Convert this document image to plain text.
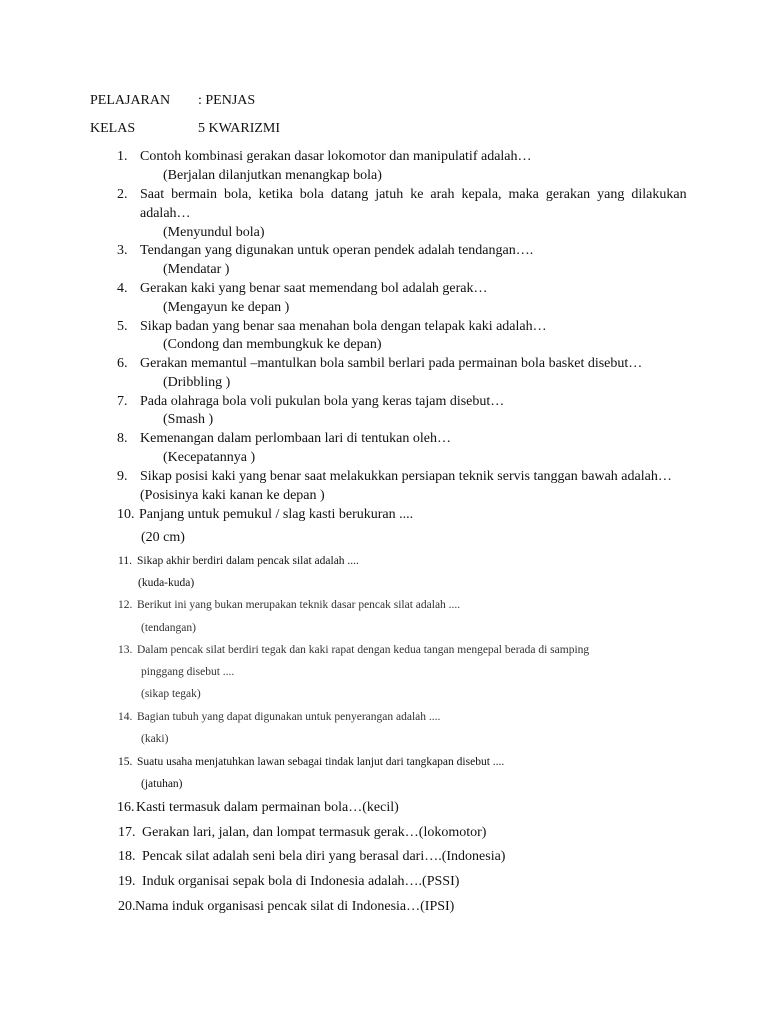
PELAJARAN : PENJAS
KELAS	5 KWARIZMI
1. Contoh kombinasi gerakan dasar lokomotor dan manipulatif adalah…
(Berjalan dilanjutkan menangkap bola)
2. Saat  bermain  bola,  ketika  bola  datang  jatuh  ke  arah  kepala,  maka  gerakan  yang  dilakukan
adalah…
(Menyundul bola)
3. Tendangan yang digunakan untuk operan pendek adalah tendangan….
(Mendatar )
4. Gerakan kaki yang benar saat memendang bol adalah gerak…
(Mengayun ke depan )
5. Sikap badan yang benar saa menahan bola dengan telapak kaki adalah…
(Condong dan membungkuk ke depan)
6. Gerakan memantul –mantulkan bola sambil berlari pada permainan bola basket disebut…
(Dribbling )
7. Pada olahraga bola voli pukulan bola yang keras tajam disebut…
(Smash )
8. Kemenangan dalam perlombaan lari di tentukan oleh…
(Kecepatannya )
9. Sikap posisi kaki yang benar saat melakukkan persiapan teknik servis tanggan bawah adalah…
(Posisinya kaki kanan ke depan )
10. Panjang untuk pemukul / slag kasti berukuran ....
(20 cm)
11. Sikap akhir berdiri dalam pencak silat adalah ....
(kuda-kuda)
12. Berikut ini yang bukan merupakan teknik dasar pencak silat adalah ....
(tendangan)
13. Dalam pencak silat berdiri tegak dan kaki rapat dengan kedua tangan mengepal berada di samping
pinggang disebut ....
(sikap tegak)
14. Bagian tubuh yang dapat digunakan untuk penyerangan adalah ....
(kaki)
15. Suatu usaha menjatuhkan lawan sebagai tindak lanjut dari tangkapan disebut ....
(jatuhan)
16. Kasti termasuk dalam permainan bola…(kecil)
17. Gerakan lari, jalan, dan lompat termasuk gerak…(lokomotor)
18. Pencak silat adalah seni bela diri yang berasal dari….(Indonesia)
19. Induk organisai sepak bola di Indonesia adalah….(PSSI)
20. Nama induk organisasi pencak silat di Indonesia…(IPSI)
